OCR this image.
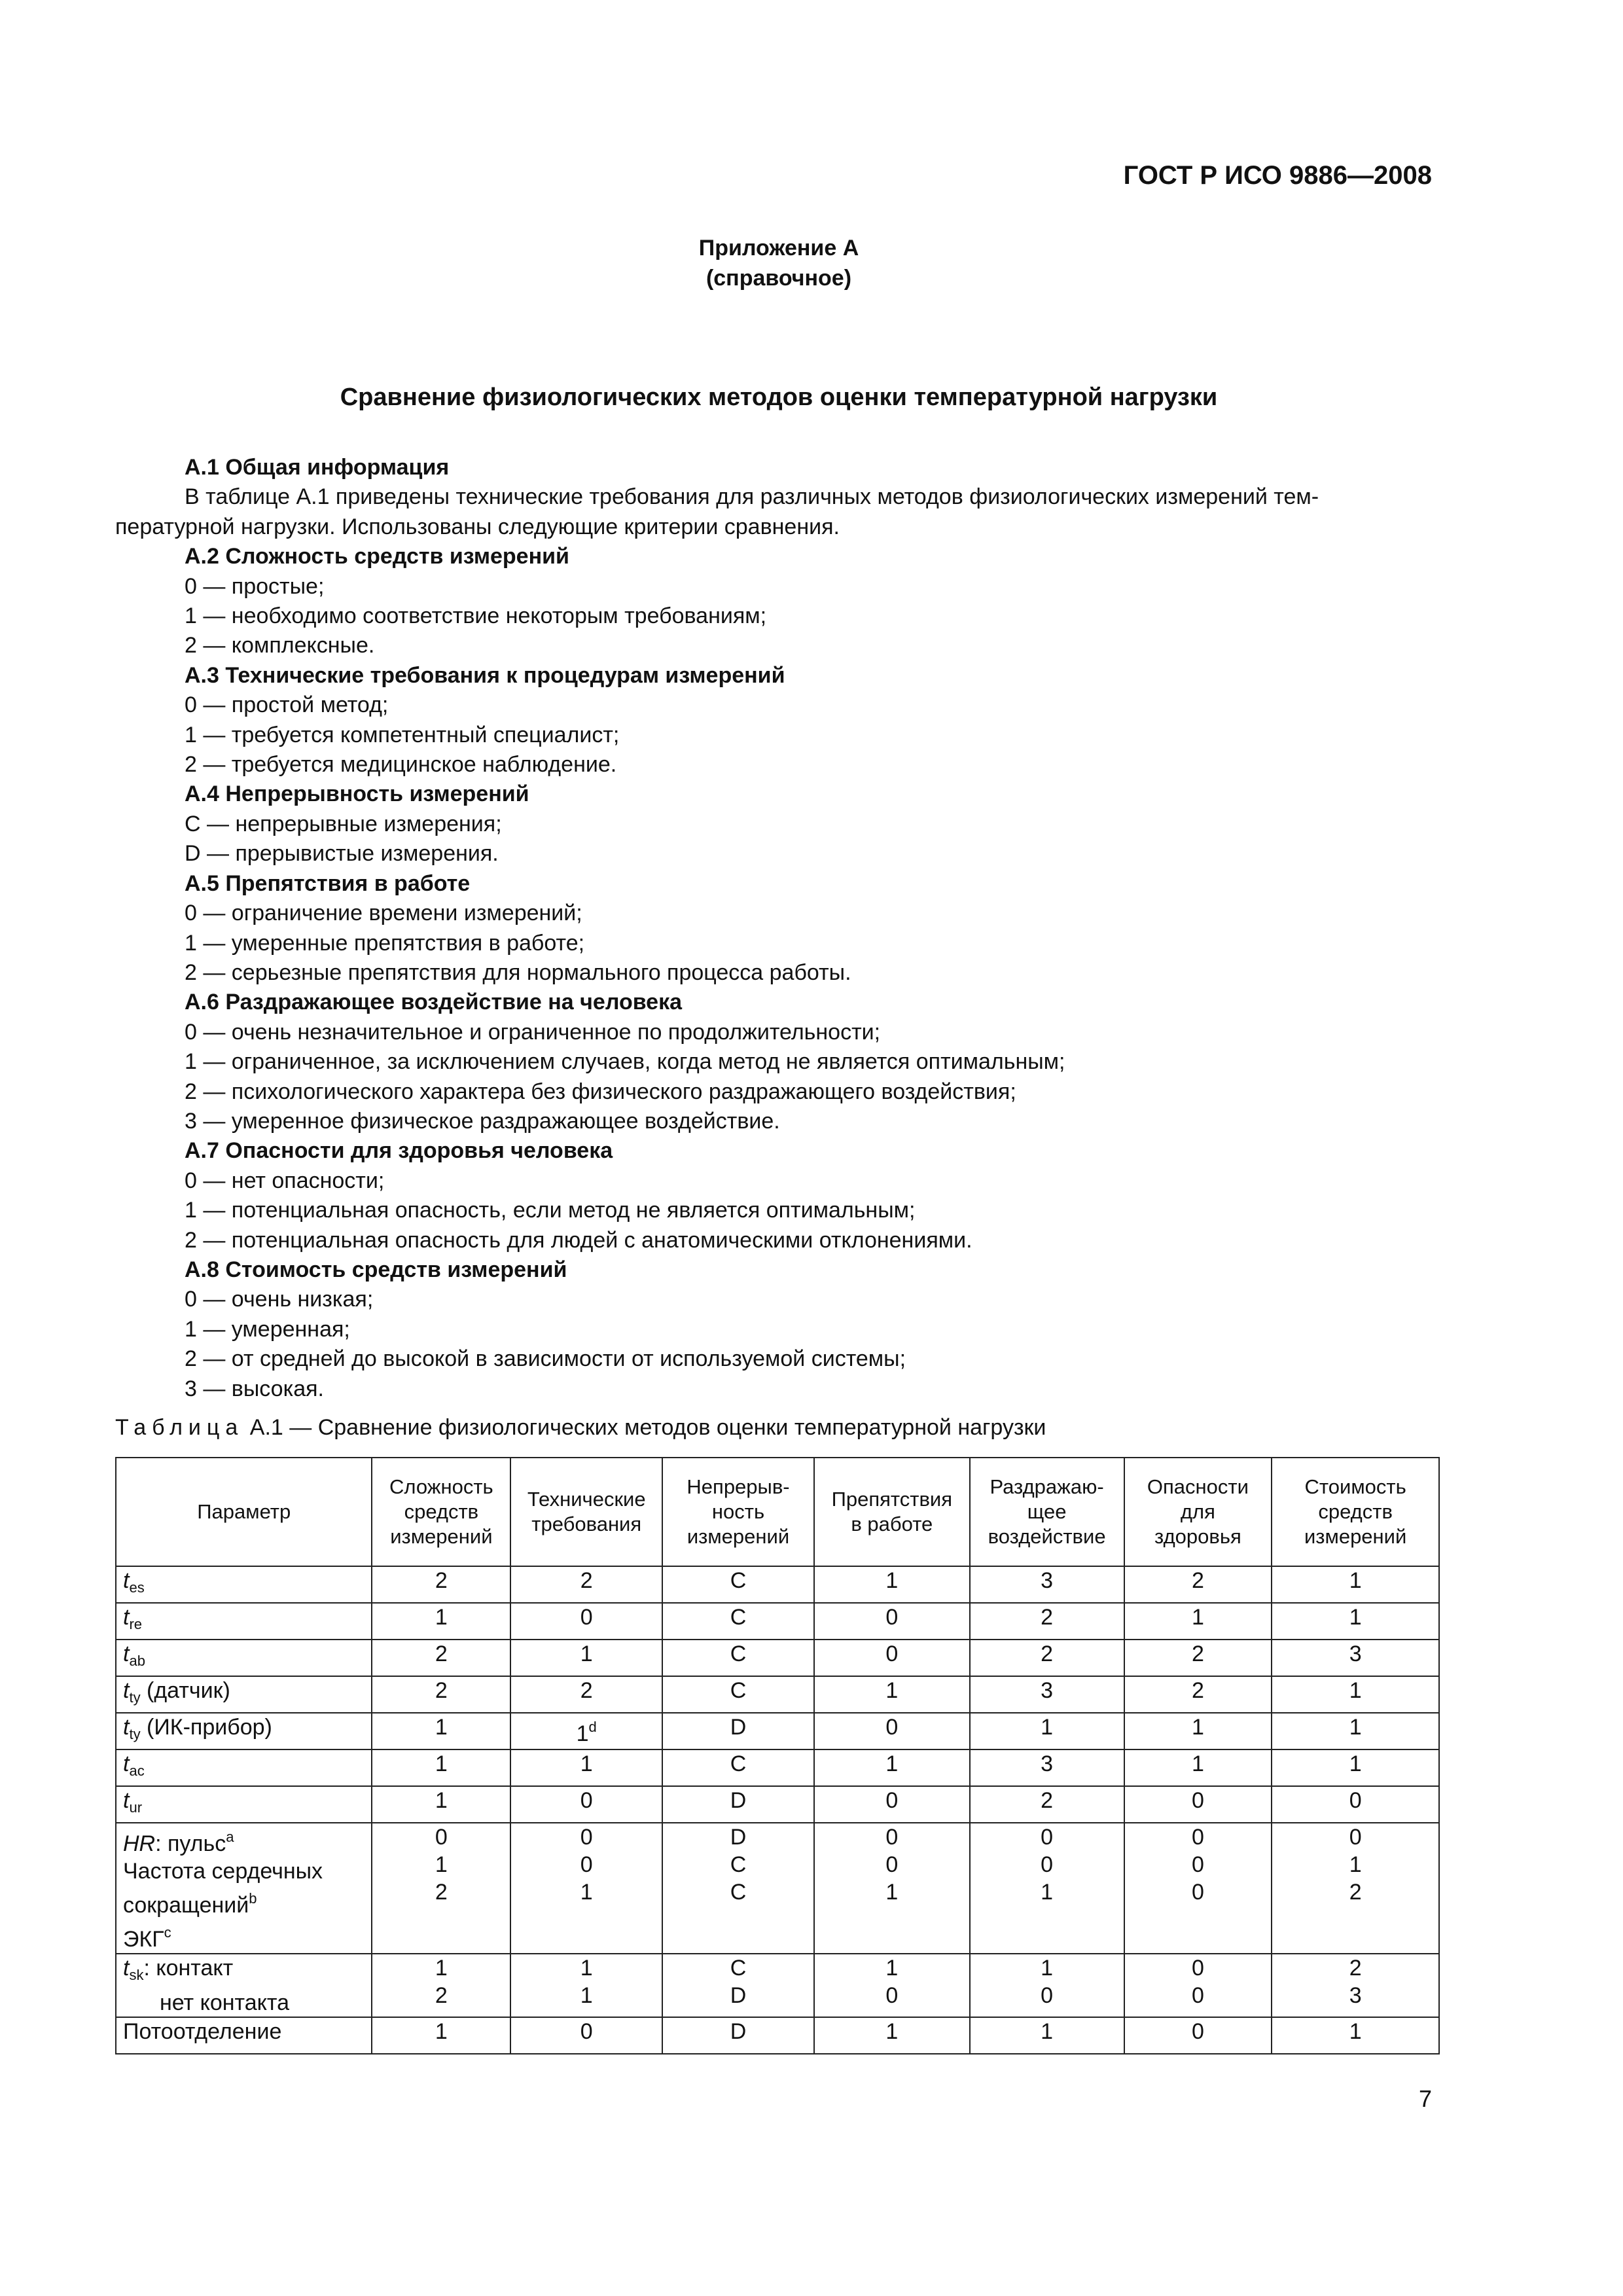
ГОСТ Р ИСО 9886—2008
Приложение А
(справочное)
Сравнение физиологических методов оценки температурной нагрузки

А.1 Общая информация

В таблице А.1 приведены технические требования для различных методов физиологических измерений тем-

пературной нагрузки. Использованы следующие критерии сравнения.

А.2 Сложность средств измерений

0 — простые;

1 — необходимо соответствие некоторым требованиям;

2 — комплексные.

А.3 Технические требования к процедурам измерений

0 — простой метод;

1 — требуется компетентный специалист;

2 — требуется медицинское наблюдение.

А.4 Непрерывность измерений

С — непрерывные измерения;

D — прерывистые измерения.

А.5 Препятствия в работе

0 — ограничение времени измерений;

1 — умеренные препятствия в работе;

2 — серьезные препятствия для нормального процесса работы.

А.6 Раздражающее воздействие на человека

0 — очень незначительное и ограниченное по продолжительности;

1 — ограниченное, за исключением случаев, когда метод не является оптимальным;

2 — психологического характера без физического раздражающего воздействия;

3 — умеренное физическое раздражающее воздействие.

А.7 Опасности для здоровья человека

0 — нет опасности;

1 — потенциальная опасность, если метод не является оптимальным;

2 — потенциальная опасность для людей с анатомическими отклонениями.

А.8 Стоимость средств измерений

0 — очень низкая;

1 — умеренная;

2 — от средней до высокой в зависимости от используемой системы;

3 — высокая.

Таблица А.1 — Сравнение физиологических методов оценки температурной нагрузки
Параметр	Сложность
средств
измерений	Технические
требования	Непрерыв-
ность
измерений	Препятствия
в работе	Раздражаю-
щее
воздействие	Опасности
для
здоровья	Стоимость
средств
измерений

$t_{es}$	2	2	С	1	3	2	1
$t_{re}$	1	0	С	0	2	1	1
$t_{ab}$	2	1	С	0	2	2	3
$t_{ty}$ (датчик)	2	2	С	1	3	2	1
$t_{ty}$ (ИК-прибор)	1	1$^d$	D	0	1	1	1
$t_{ac}$	1	1	С	1	3	1	1
$t_{ur}$	1	0	D	0	2	0	0

HR: пульс$^a$
Частота сердечных
сокращений$^b$
ЭКГ$^c$	0
1
2	0
0
1	D
С
С	0
0
1	0
0
1	0
0
0	0
1
2

$t_{sk}$: контакт
нет контакта	1
2	1
1	С
D	1
0	1
0	0
0	2
3

Потоотделение	1	0	D	1	1	0	1
7
